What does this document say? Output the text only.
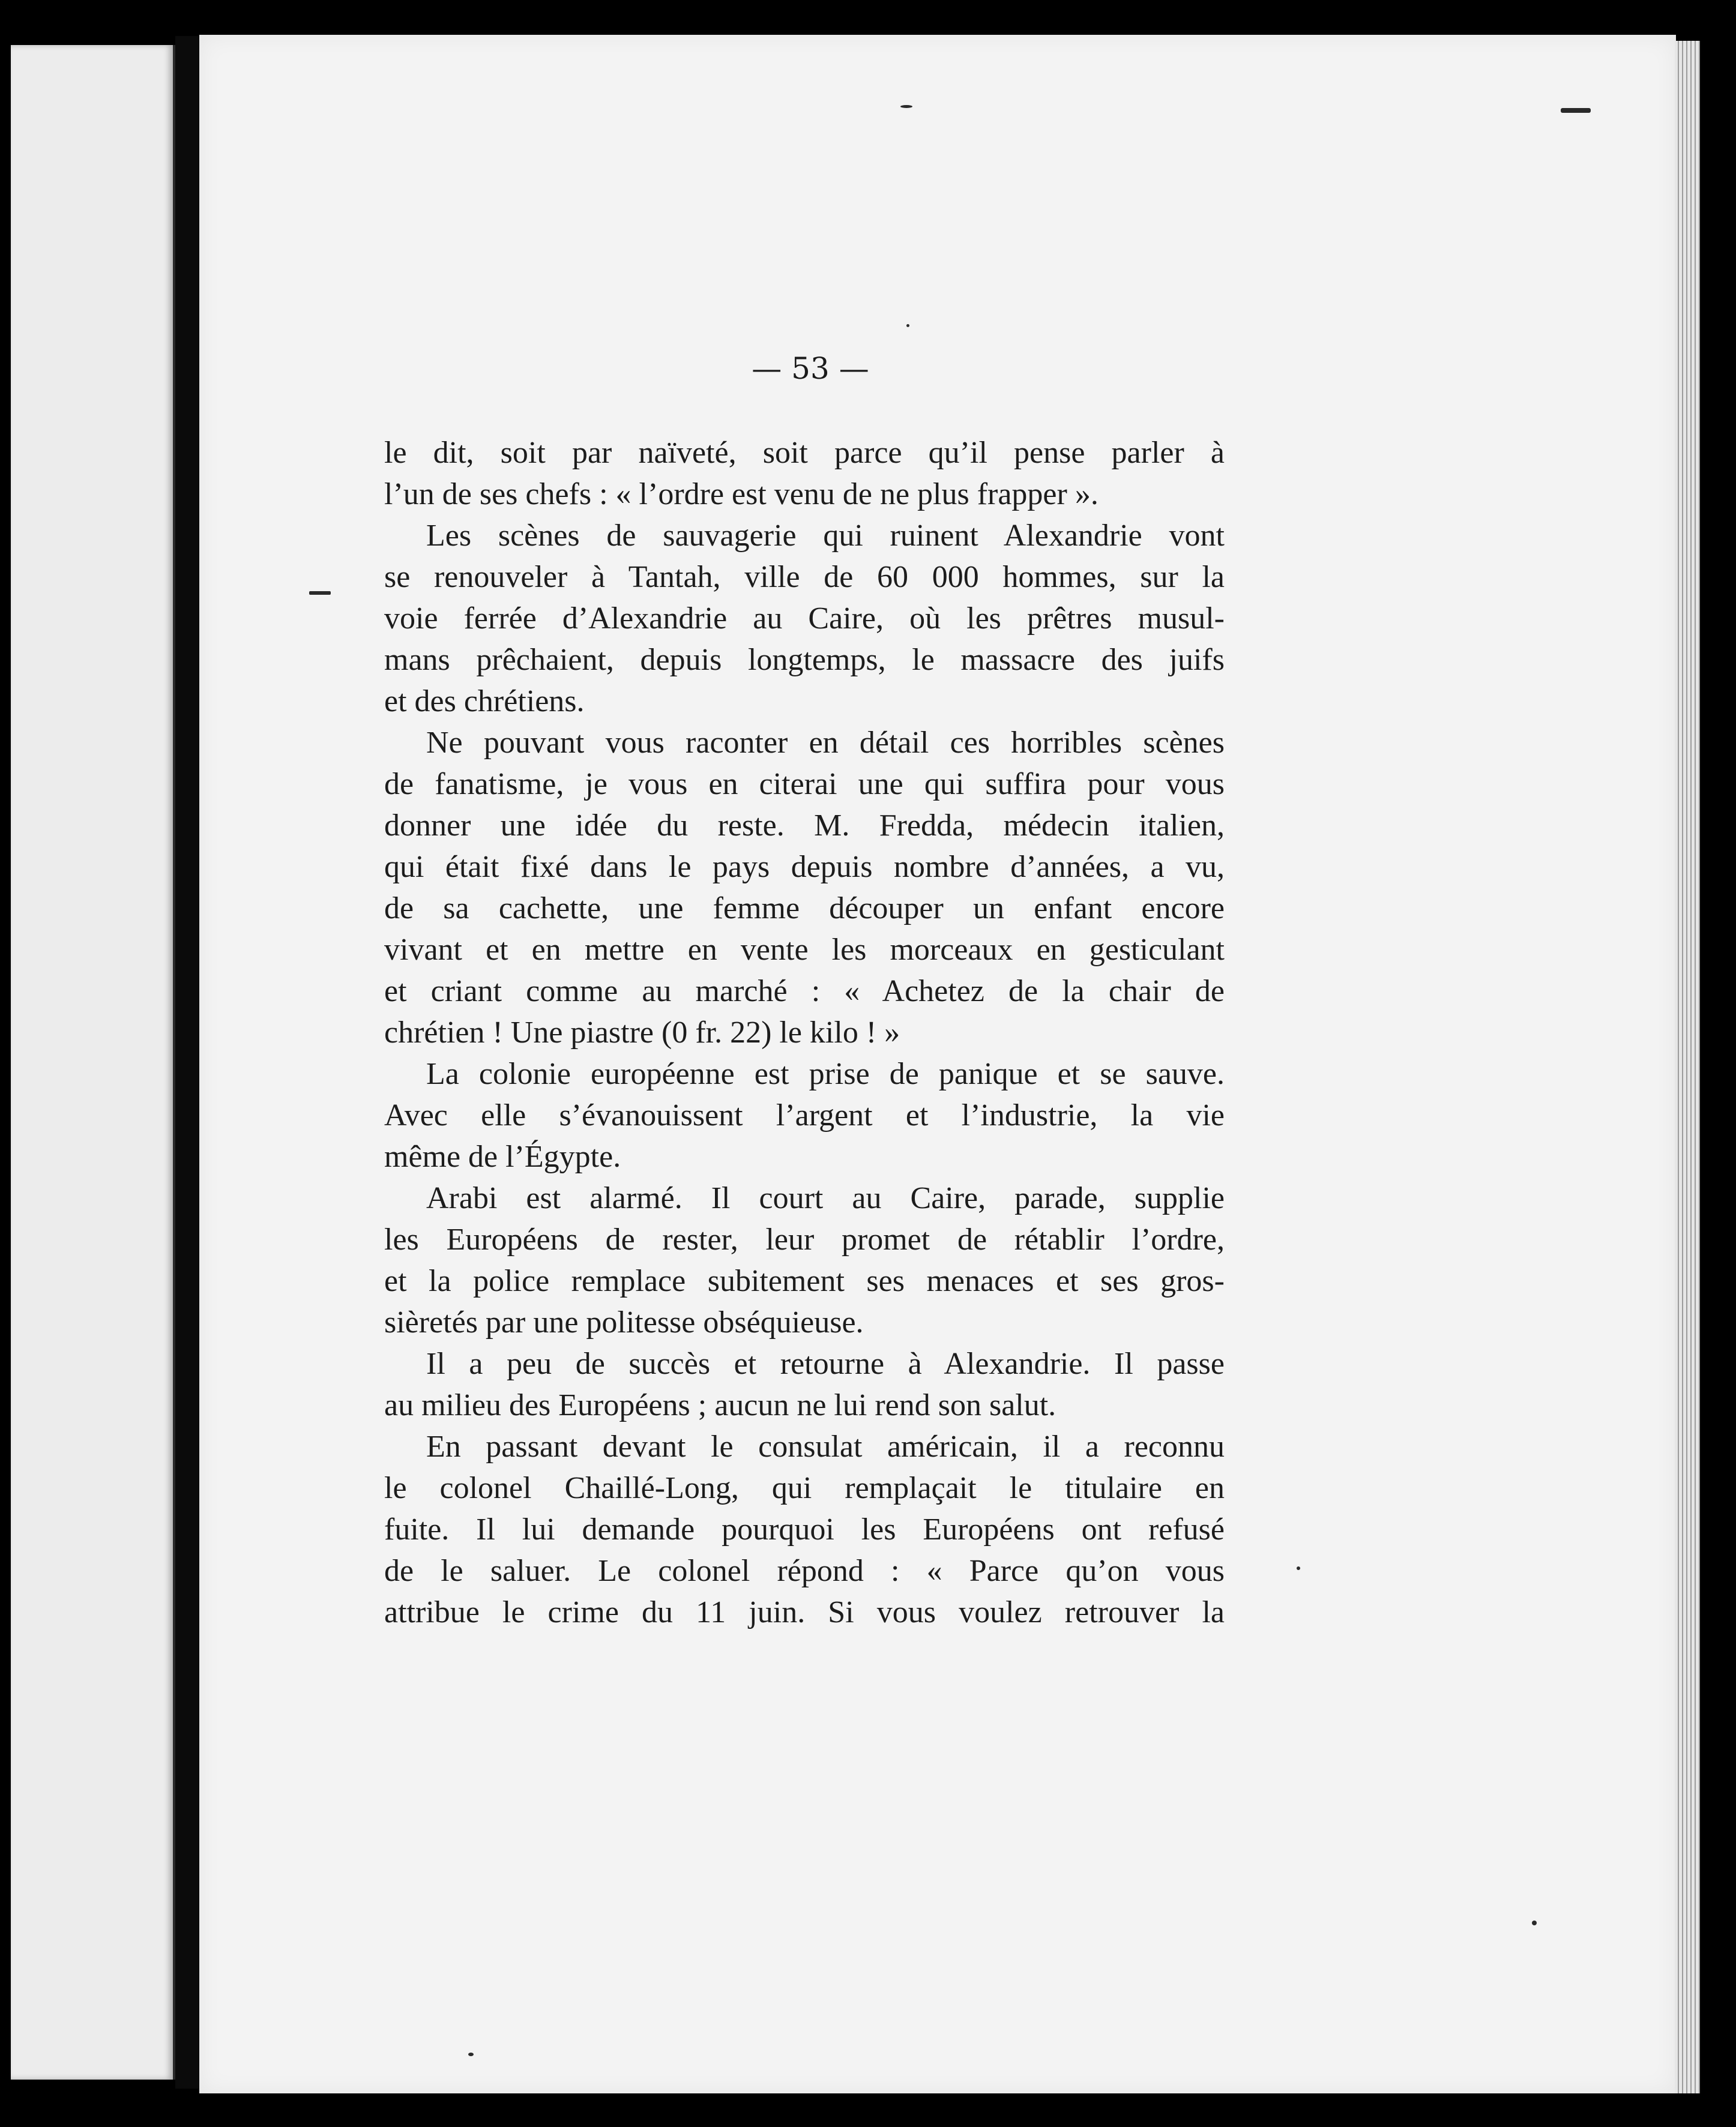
— 53 —
le dit, soit par naïveté, soit parce qu’il pense parler à
l’un de ses chefs : « l’ordre est venu de ne plus frapper ».
Les scènes de sauvagerie qui ruinent Alexandrie vont
se renouveler à Tantah, ville de 60 000 hommes, sur la
voie ferrée d’Alexandrie au Caire, où les prêtres musul-
mans prêchaient, depuis longtemps, le massacre des juifs
et des chrétiens.
Ne pouvant vous raconter en détail ces horribles scènes
de fanatisme, je vous en citerai une qui suffira pour vous
donner une idée du reste. M. Fredda, médecin italien,
qui était fixé dans le pays depuis nombre d’années, a vu,
de sa cachette, une femme découper un enfant encore
vivant et en mettre en vente les morceaux en gesticulant
et criant comme au marché : « Achetez de la chair de
chrétien ! Une piastre (0 fr. 22) le kilo ! »
La colonie européenne est prise de panique et se sauve.
Avec elle s’évanouissent l’argent et l’industrie, la vie
même de l’Égypte.
Arabi est alarmé. Il court au Caire, parade, supplie
les Européens de rester, leur promet de rétablir l’ordre,
et la police remplace subitement ses menaces et ses gros-
sièretés par une politesse obséquieuse.
Il a peu de succès et retourne à Alexandrie. Il passe
au milieu des Européens ; aucun ne lui rend son salut.
En passant devant le consulat américain, il a reconnu
le colonel Chaillé-Long, qui remplaçait le titulaire en
fuite. Il lui demande pourquoi les Européens ont refusé
de le saluer. Le colonel répond : « Parce qu’on vous
attribue le crime du 11 juin. Si vous voulez retrouver la
